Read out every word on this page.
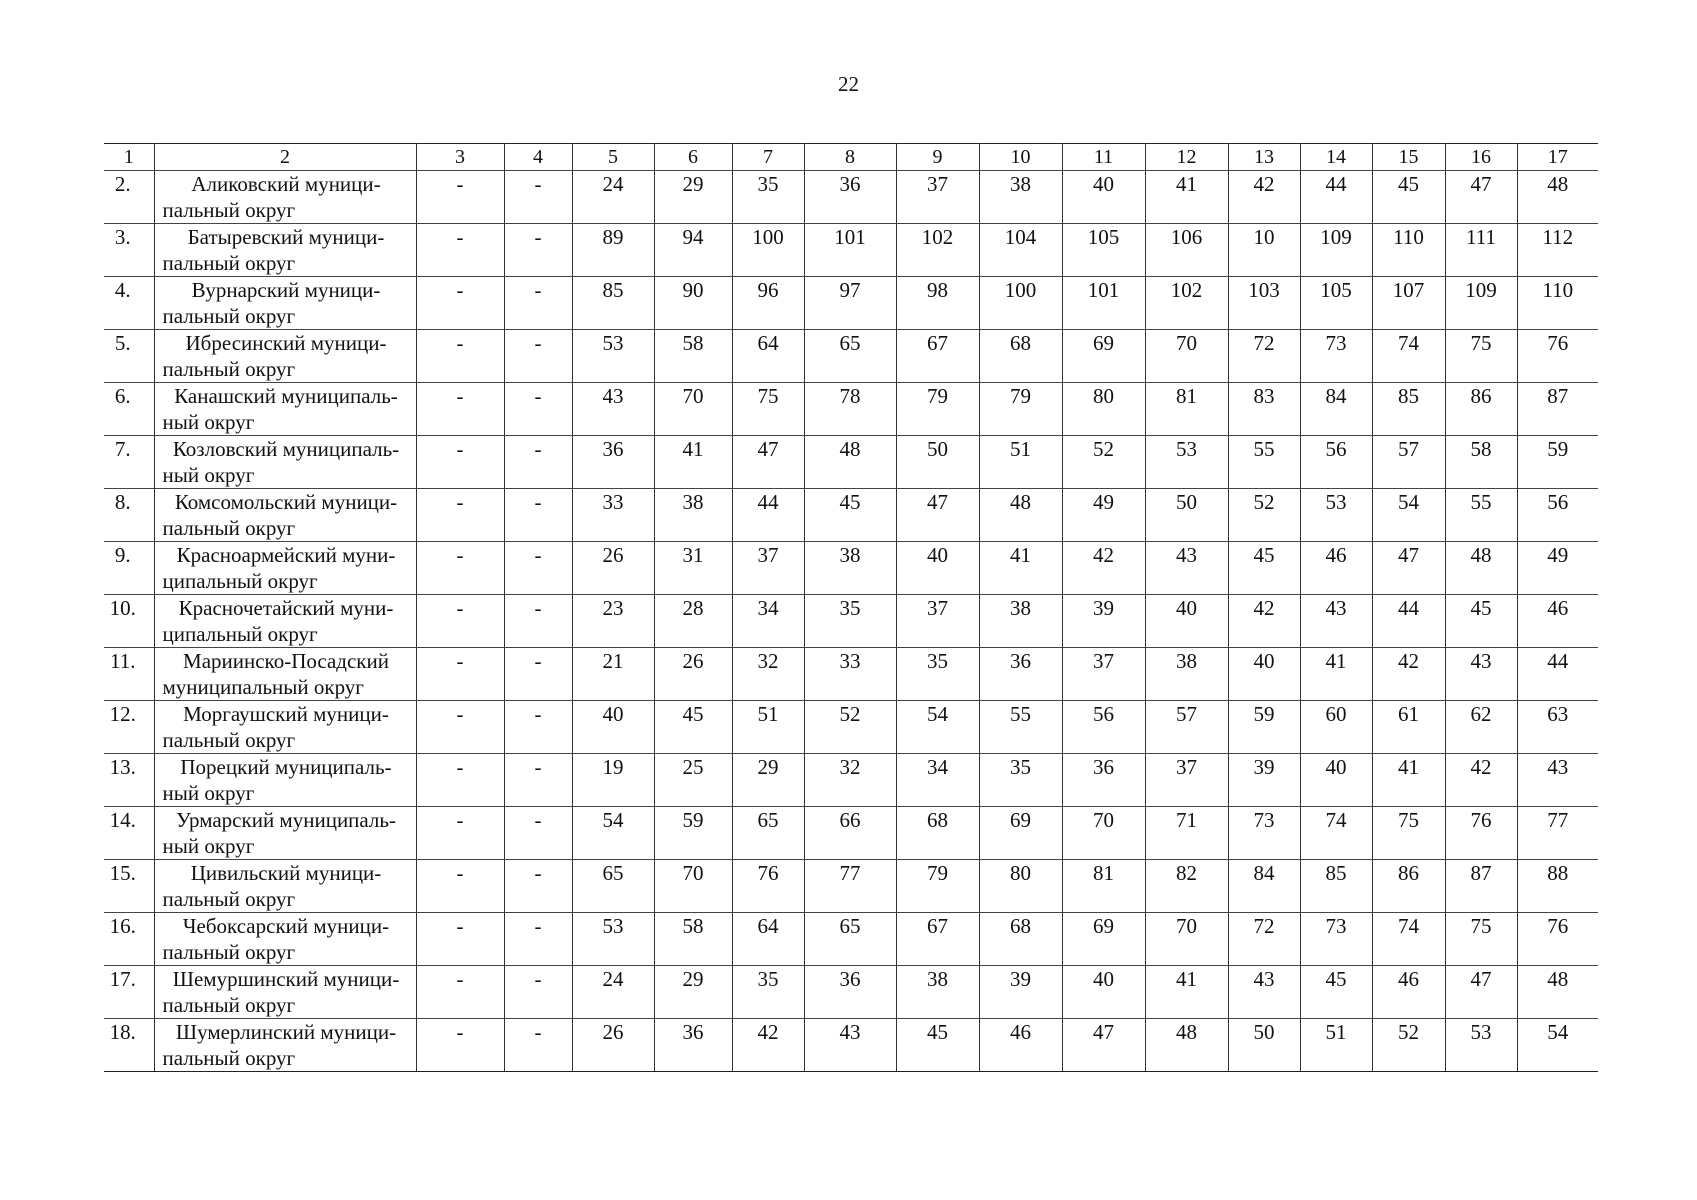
22
1	2	3	4	5	6	7	8	9	10	11	12	13	14	15	16	17
2.	Аликовский муници-пальный округ	-	-	24	29	35	36	37	38	40	41	42	44	45	47	48
3.	Батыревский муници-пальный округ	-	-	89	94	100	101	102	104	105	106	10	109	110	111	112
4.	Вурнарский муници-пальный округ	-	-	85	90	96	97	98	100	101	102	103	105	107	109	110
5.	Ибресинский муници-пальный округ	-	-	53	58	64	65	67	68	69	70	72	73	74	75	76
6.	Канашский муниципаль-ный округ	-	-	43	70	75	78	79	79	80	81	83	84	85	86	87
7.	Козловский муниципаль-ный округ	-	-	36	41	47	48	50	51	52	53	55	56	57	58	59
8.	Комсомольский муници-пальный округ	-	-	33	38	44	45	47	48	49	50	52	53	54	55	56
9.	Красноармейский муни-ципальный округ	-	-	26	31	37	38	40	41	42	43	45	46	47	48	49
10.	Красночетайский муни-ципальный округ	-	-	23	28	34	35	37	38	39	40	42	43	44	45	46
11.	Мариинско-Посадский муниципальный округ	-	-	21	26	32	33	35	36	37	38	40	41	42	43	44
12.	Моргаушский муници-пальный округ	-	-	40	45	51	52	54	55	56	57	59	60	61	62	63
13.	Порецкий муниципаль-ный округ	-	-	19	25	29	32	34	35	36	37	39	40	41	42	43
14.	Урмарский муниципаль-ный округ	-	-	54	59	65	66	68	69	70	71	73	74	75	76	77
15.	Цивильский муници-пальный округ	-	-	65	70	76	77	79	80	81	82	84	85	86	87	88
16.	Чебоксарский муници-пальный округ	-	-	53	58	64	65	67	68	69	70	72	73	74	75	76
17.	Шемуршинский муници-пальный округ	-	-	24	29	35	36	38	39	40	41	43	45	46	47	48
18.	Шумерлинский муници-пальный округ	-	-	26	36	42	43	45	46	47	48	50	51	52	53	54
